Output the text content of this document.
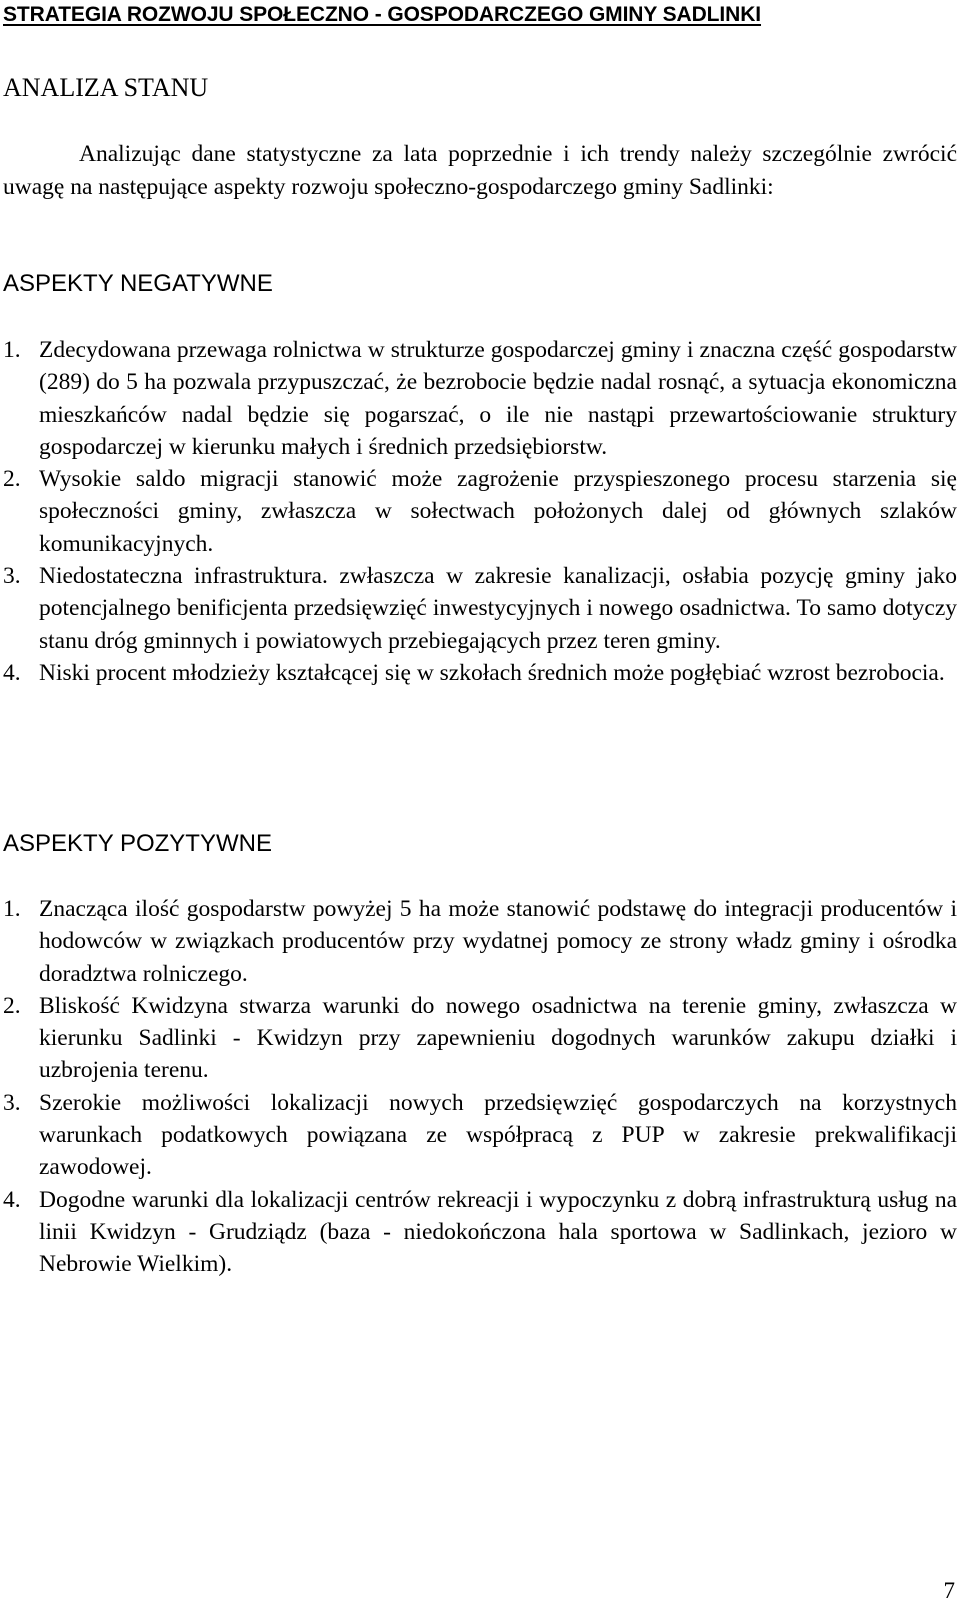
STRATEGIA ROZWOJU SPOŁECZNO - GOSPODARCZEGO GMINY SADLINKI
ANALIZA STANU

Analizując dane statystyczne za lata poprzednie i ich trendy należy szczególnie zwrócić uwagę na następujące aspekty rozwoju społeczno-gospodarczego gminy Sadlinki:

ASPEKTY NEGATYWNE
1. Zdecydowana przewaga rolnictwa w strukturze gospodarczej gminy i znaczna część gospodarstw (289) do 5 ha pozwala przypuszczać, że bezrobocie będzie nadal rosnąć, a sytuacja ekonomiczna mieszkańców nadal będzie się pogarszać, o ile nie nastąpi przewartościowanie struktury gospodarczej w kierunku małych i średnich przedsiębiorstw.
2. Wysokie saldo migracji stanowić może zagrożenie przyspieszonego procesu starzenia się społeczności gminy, zwłaszcza w sołectwach położonych dalej od głównych szlaków komunikacyjnych.
3. Niedostateczna infrastruktura. zwłaszcza w zakresie kanalizacji, osłabia pozycję gminy jako potencjalnego benificjenta przedsięwzięć inwestycyjnych i nowego osadnictwa. To samo dotyczy stanu dróg gminnych i powiatowych przebiegających przez teren gminy.
4. Niski procent młodzieży kształcącej się w szkołach średnich może pogłębiać wzrost bezrobocia.
ASPEKTY POZYTYWNE
1. Znacząca ilość gospodarstw powyżej 5 ha może stanowić podstawę do integracji producentów i hodowców w związkach producentów przy wydatnej pomocy ze strony władz gminy i ośrodka doradztwa rolniczego.
2. Bliskość Kwidzyna stwarza warunki do nowego osadnictwa na terenie gminy, zwłaszcza w kierunku Sadlinki - Kwidzyn przy zapewnieniu dogodnych warunków zakupu działki i uzbrojenia terenu.
3. Szerokie możliwości lokalizacji nowych przedsięwzięć gospodarczych na korzystnych warunkach podatkowych powiązana ze współpracą z PUP w zakresie prekwalifikacji zawodowej.
4. Dogodne warunki dla lokalizacji centrów rekreacji i wypoczynku z dobrą infrastrukturą usług na linii Kwidzyn - Grudziądz (baza - niedokończona hala sportowa w Sadlinkach, jezioro w Nebrowie Wielkim).
7
